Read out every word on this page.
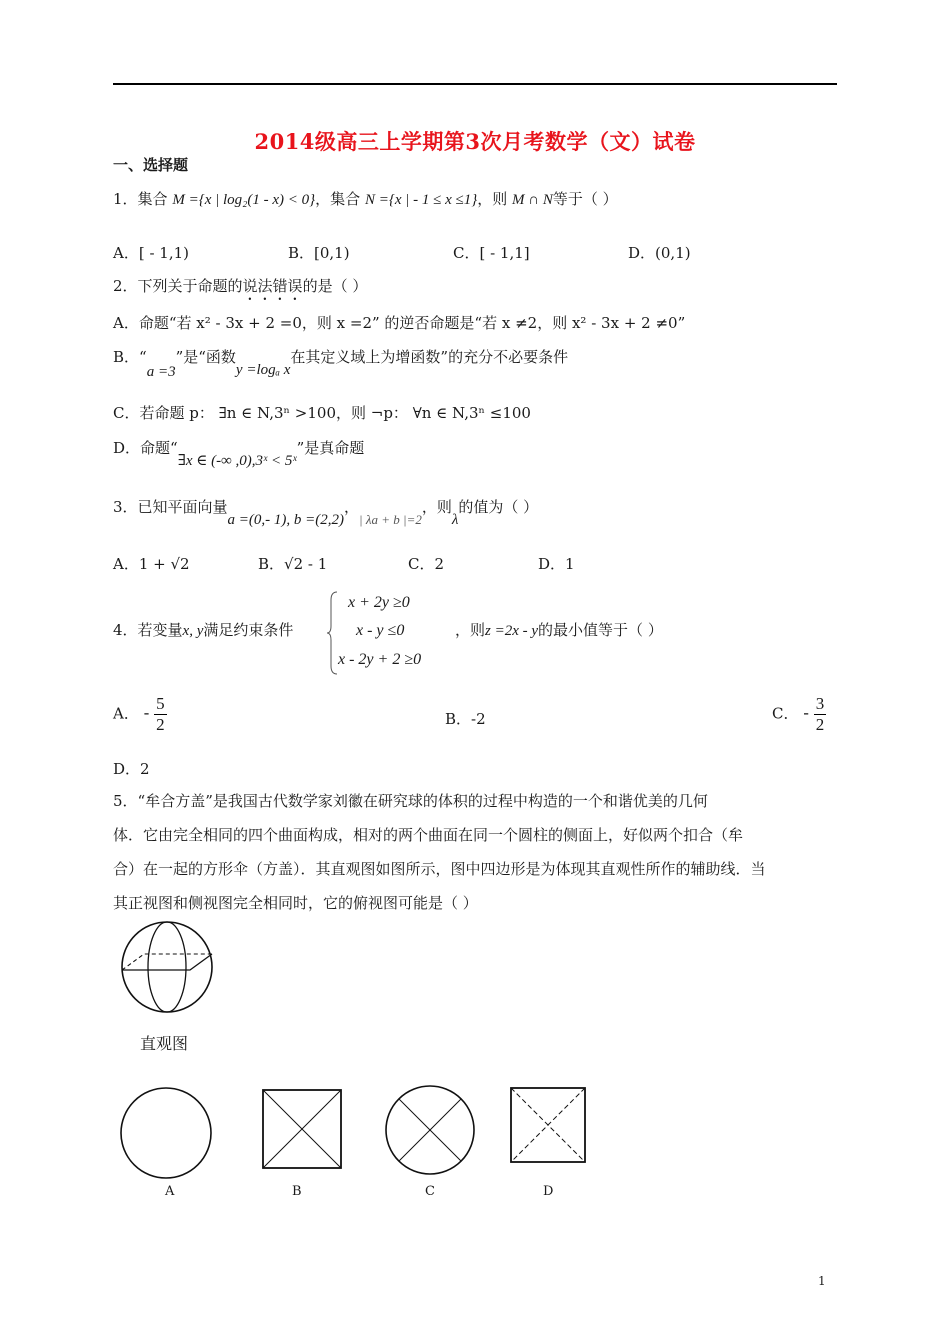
2014级高三上学期第3次月考数学（文）试卷
一、选择题
1．集合 M ={x | log₂(1 - x) < 0}，集合 N ={x | - 1 ≤ x ≤1}，则 M ∩ N等于（ ）
A．[ - 1,1)	B．[0,1)	C．[ - 1,1]	D．(0,1)
2．下列关于命题的说法错误的是（ ）
A．命题“若 x² - 3x + 2 =0，则 x =2” 的逆否命题是“若 x ≠2，则 x² - 3x + 2 ≠0”
B．“a =3”是“函数y =logₐ x在其定义域上为增函数”的充分不必要条件
C．若命题 p： ∃n ∈ N,3ⁿ >100，则 ¬p： ∀n ∈ N,3ⁿ ≤100
D．命题“∃x ∈ (-∞ ,0),3ˣ < 5ˣ”是真命题
3．已知平面向量a =(0,- 1), b =(2,2)，| λa + b |=2，则λ的值为（ ）
A．1 + √2	B．√2 - 1	C．2	D．1
4．若变量x, y满足约束条件
x + 2y ≥0
x - y ≤0
x - 2y + 2 ≥0
，则z =2x - y的最小值等于（ ）
A． - $\frac{5}{2}$	B．-2	C． - $\frac{3}{2}$
D．2
5．“牟合方盖”是我国古代数学家刘徽在研究球的体积的过程中构造的一个和谐优美的几何
体．它由完全相同的四个曲面构成，相对的两个曲面在同一个圆柱的侧面上，好似两个扣合（牟
合）在一起的方形伞（方盖）．其直观图如图所示，图中四边形是为体现其直观性所作的辅助线．当
其正视图和侧视图完全相同时，它的俯视图可能是（ ）
直观图
A	B	C	D
1
